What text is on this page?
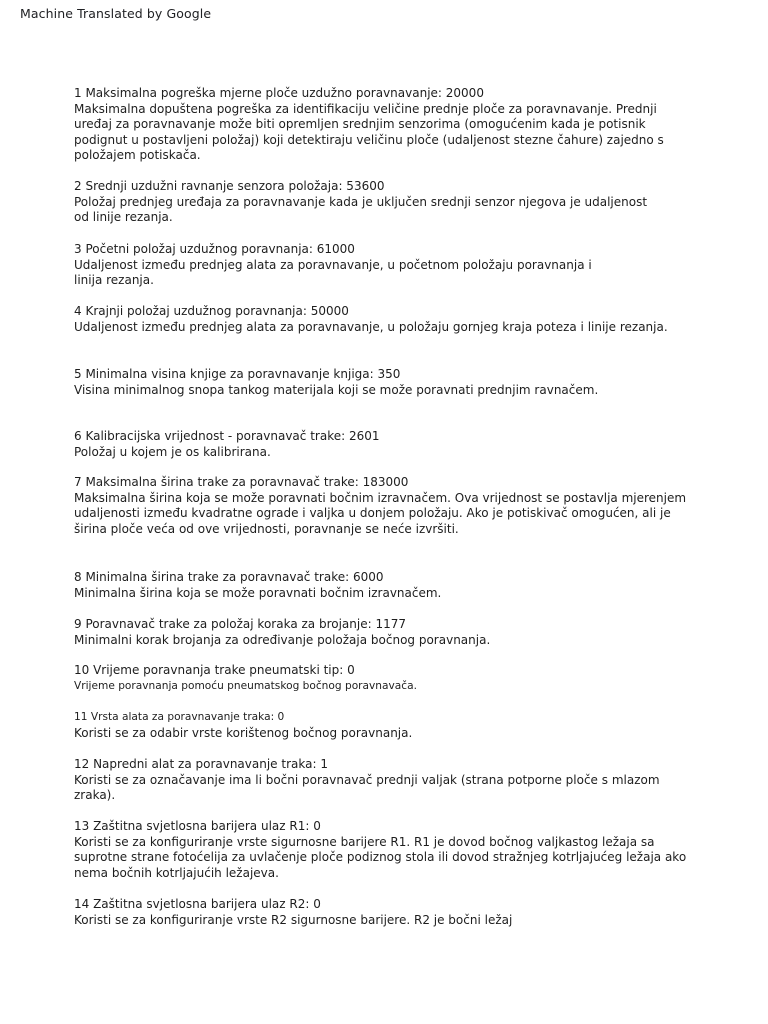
Machine Translated by Google
1 Maksimalna pogreška mjerne ploče uzdužno poravnavanje: 20000
Maksimalna dopuštena pogreška za identifikaciju veličine prednje ploče za poravnavanje. Prednji
uređaj za poravnavanje može biti opremljen srednjim senzorima (omogućenim kada je potisnik
podignut u postavljeni položaj) koji detektiraju veličinu ploče (udaljenost stezne čahure) zajedno s
položajem potiskača.
2 Srednji uzdužni ravnanje senzora položaja: 53600
Položaj prednjeg uređaja za poravnavanje kada je uključen srednji senzor njegova je udaljenost
od linije rezanja.
3 Početni položaj uzdužnog poravnanja: 61000
Udaljenost između prednjeg alata za poravnavanje, u početnom položaju poravnanja i
linija rezanja.
4 Krajnji položaj uzdužnog poravnanja: 50000
Udaljenost između prednjeg alata za poravnavanje, u položaju gornjeg kraja poteza i linije rezanja.
5 Minimalna visina knjige za poravnavanje knjiga: 350
Visina minimalnog snopa tankog materijala koji se može poravnati prednjim ravnačem.
6 Kalibracijska vrijednost - poravnavač trake: 2601
Položaj u kojem je os kalibrirana.
7 Maksimalna širina trake za poravnavač trake: 183000
Maksimalna širina koja se može poravnati bočnim izravnačem. Ova vrijednost se postavlja mjerenjem
udaljenosti između kvadratne ograde i valjka u donjem položaju. Ako je potiskivač omogućen, ali je
širina ploče veća od ove vrijednosti, poravnanje se neće izvršiti.
8 Minimalna širina trake za poravnavač trake: 6000
Minimalna širina koja se može poravnati bočnim izravnačem.
9 Poravnavač trake za položaj koraka za brojanje: 1177
Minimalni korak brojanja za određivanje položaja bočnog poravnanja.
10 Vrijeme poravnanja trake pneumatski tip: 0
Vrijeme poravnanja pomoću pneumatskog bočnog poravnavača.
11 Vrsta alata za poravnavanje traka: 0
Koristi se za odabir vrste korištenog bočnog poravnanja.
12 Napredni alat za poravnavanje traka: 1
Koristi se za označavanje ima li bočni poravnavač prednji valjak (strana potporne ploče s mlazom
zraka).
13 Zaštitna svjetlosna barijera ulaz R1: 0
Koristi se za konfiguriranje vrste sigurnosne barijere R1. R1 je dovod bočnog valjkastog ležaja sa
suprotne strane fotoćelija za uvlačenje ploče podiznog stola ili dovod stražnjeg kotrljajućeg ležaja ako
nema bočnih kotrljajućih ležajeva.
14 Zaštitna svjetlosna barijera ulaz R2: 0
Koristi se za konfiguriranje vrste R2 sigurnosne barijere. R2 je bočni ležaj
